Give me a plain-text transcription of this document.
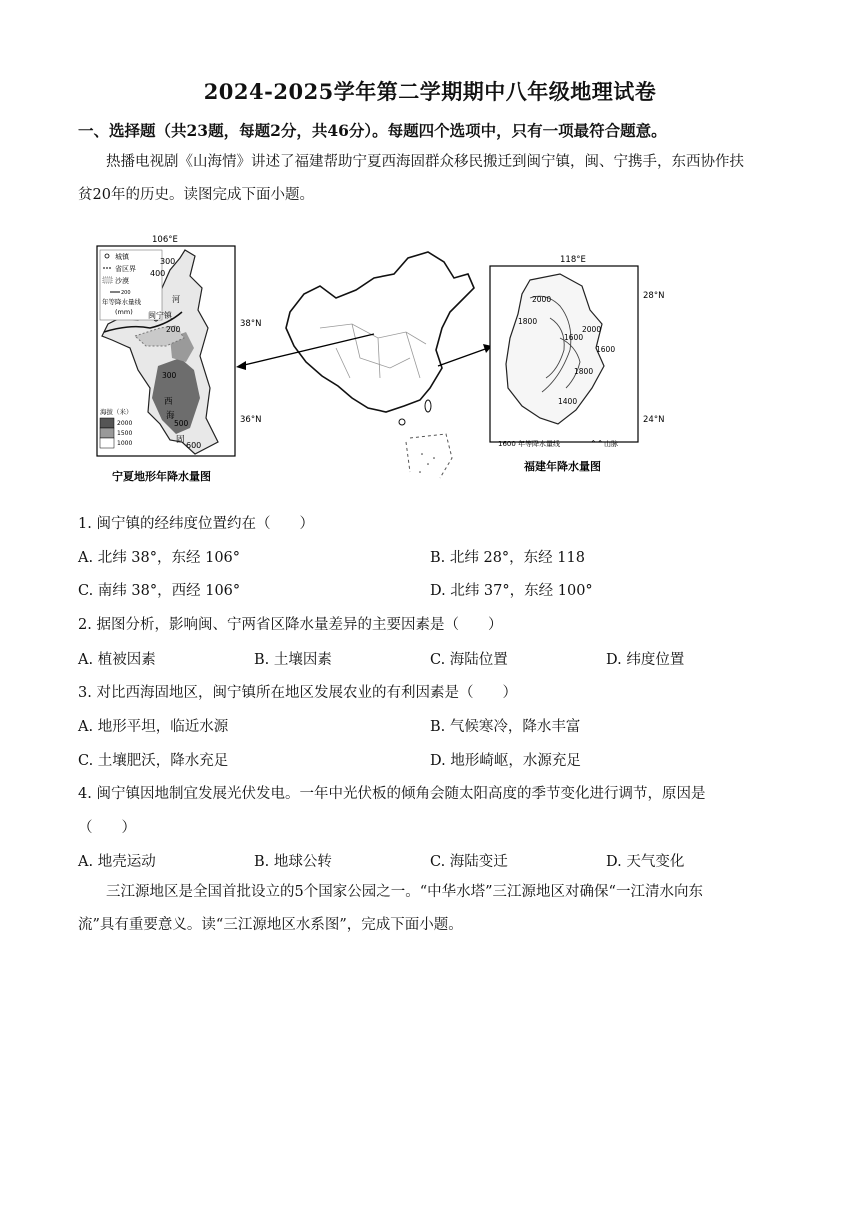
2024-2025学年第二学期期中八年级地理试卷
一、选择题（共23题，每题2分，共46分）。每题四个选项中，只有一项最符合题意。
热播电视剧《山海情》讲述了福建帮助宁夏西海固群众移民搬迁到闽宁镇，闽、宁携手，东西协作扶
贫20年的历史。读图完成下面小题。
城镇
省区界
沙漠
200
年等降水量线
(mm)
106°E
38°N
36°N
300
400
200
300
500
600
河
闽宁镇
西
海
固
海拔（米）
2000
1500
1000
宁夏地形年降水量图
118°E
28°N
24°N
2000
1800
1600
2000
1800
1600
1400
1600 年等降水量线	⌃⌃ 山脉
福建年降水量图
1. 闽宁镇的经纬度位置约在（　　）
A. 北纬 38°，东经 106°	B. 北纬 28°，东经 118
C. 南纬 38°，西经 106°	D. 北纬 37°，东经 100°
2. 据图分析，影响闽、宁两省区降水量差异的主要因素是（　　）
A. 植被因素	B. 土壤因素	C. 海陆位置	D. 纬度位置
3. 对比西海固地区，闽宁镇所在地区发展农业的有利因素是（　　）
A. 地形平坦，临近水源	B. 气候寒冷，降水丰富
C. 土壤肥沃，降水充足	D. 地形崎岖，水源充足
4. 闽宁镇因地制宜发展光伏发电。一年中光伏板的倾角会随太阳高度的季节变化进行调节，原因是
（　　）
A. 地壳运动	B. 地球公转	C. 海陆变迁	D. 天气变化
三江源地区是全国首批设立的5个国家公园之一。“中华水塔”三江源地区对确保“一江清水向东
流”具有重要意义。读“三江源地区水系图”，完成下面小题。
